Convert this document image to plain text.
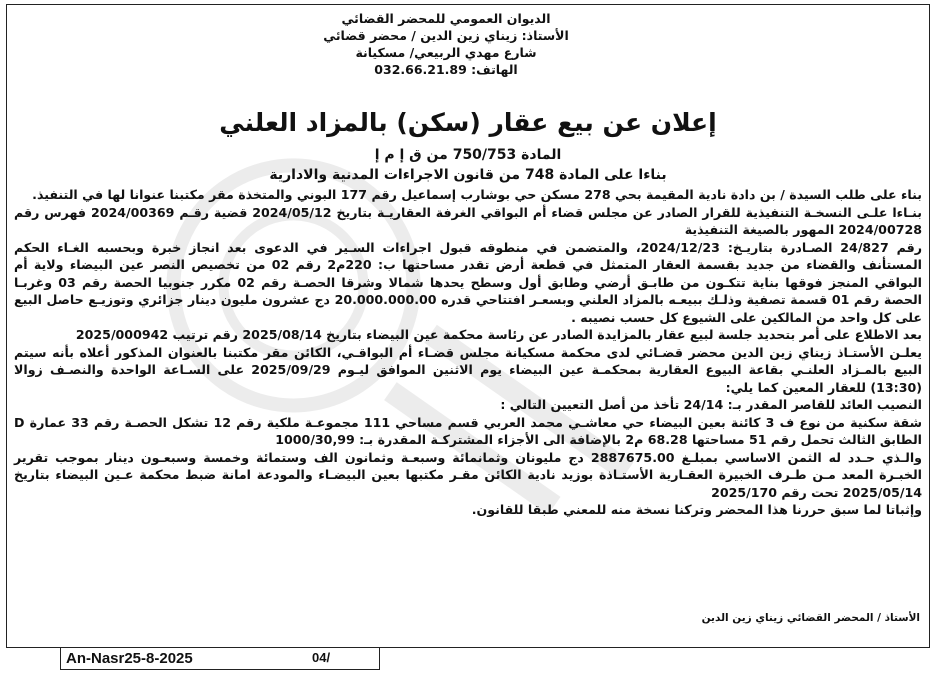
الديوان العمومي للمحضر القضائي
الأستاذ: زيناي زين الدين / محضر قضائي
شارع مهدي الربيعي/ مسكيانة
الهاتف: 032.66.21.89
إعلان عن بيع عقار (سكن) بالمزاد العلني
المادة 750/753 من ق إ م إ
بناءا على المادة 748 من قانون الاجراءات المدنية والادارية

بناء على طلب السيدة / بن دادة نادية المقيمة بحي 278 مسكن حي بوشارب إسماعيل رقم 177 البوني والمتخذة مقر مكتبنا عنوانا لها في التنفيذ.

بنـاءا علـى النسخـة التنفيذية للقرار الصادر عن مجلس قضاء أم البواقي الغرفة العقاريـة بتاريخ 2024/05/12 قضية رقـم 2024/00369 فهرس رقم 2024/00728 المهور بالصيغة التنفيذية

رقم 24/827 الصـادرة بتاريـخ: 2024/12/23، والمتضمن في منطوقه قبول اجراءات السـير في الدعوى بعد انجاز خبرة وبحسبه الغـاء الحكم المستأنف والقضاء من جديد بقسمة العقار المتمثل في قطعة أرض تقدر مساحتها ب: 220م2 رقم 02 من تخصيص النصر عين البيضاء ولاية أم البواقي المنجز فوقها بناية تتكـون من طابـق أرضي وطابق أول وسطح يحدها شمالا وشرقا الحصـة رقم 02 مكرر جنوبيا الحصة رقم 03 وغربـا الحصة رقم 01 قسمة تصفية وذلـك ببيعـه بالمزاد العلني وبسعـر افتتاحي قدره 20.000.000.00 دج عشرون مليون دينار جزائري وتوزيـع حاصل البيع على كل واحد من المالكين على الشيوع كل حسب نصيبه .

بعد الاطلاع على أمر بتحديد جلسة لبيع عقار بالمزايدة الصادر عن رئاسة محكمة عين البيضاء بتاريخ 2025/08/14 رقم ترتيب 2025/000942

يعلـن الأستـاذ زيناي زين الدين محضر قضـائي لدى محكمة مسكيانة مجلس قضـاء أم البواقـي، الكائن مقر مكتبنا بالعنوان المذكور أعلاه بأنه سيتم البيع بالمـزاد العلنـي بقاعة البيوع العقارية بمحكمـة عين البيضاء يوم الاثنين الموافق ليـوم 2025/09/29 على السـاعة الواحدة والنصـف زوالا (13:30) للعقار المعين كما يلي:

النصيب العائد للقاصر المقدر بـ: 24/14 تأخذ من أصل التعيين التالي :

شقة سكنية من نوع ف 3 كائنة بعين البيضاء حي معاشـي محمد العربي قسم مساحي 111 مجموعـة ملكية رقم 12 تشكل الحصـة رقم 33 عمارة D الطابق الثالث تحمل رقم 51 مساحتها 68.28 م2 بالإضافة الى الأجزاء المشتركـة المقدرة بـ: 1000/30,99

والـذي حـدد له الثمن الاساسي بمبلـغ 2887675.00 دج مليونان وثمانمائة وسبعـة وثمانون الف وستمائة وخمسة وسبعـون دينار بموجب تقرير الخبـرة المعد مـن طـرف الخبيرة العقـارية الأستـاذة بوزيد نادية الكائن مقـر مكتبها بعين البيضـاء والمودعة امانة ضبط محكمة عـين البيضاء بتاريخ 2025/05/14 تحت رقم 2025/170

وإثباتا لما سبق حررنا هذا المحضر وتركنا نسخة منه للمعني طبقا للقانون.

الأستاذ / المحضر القضائي زيناي زين الدين
An-Nasr25-8-2025	04/
